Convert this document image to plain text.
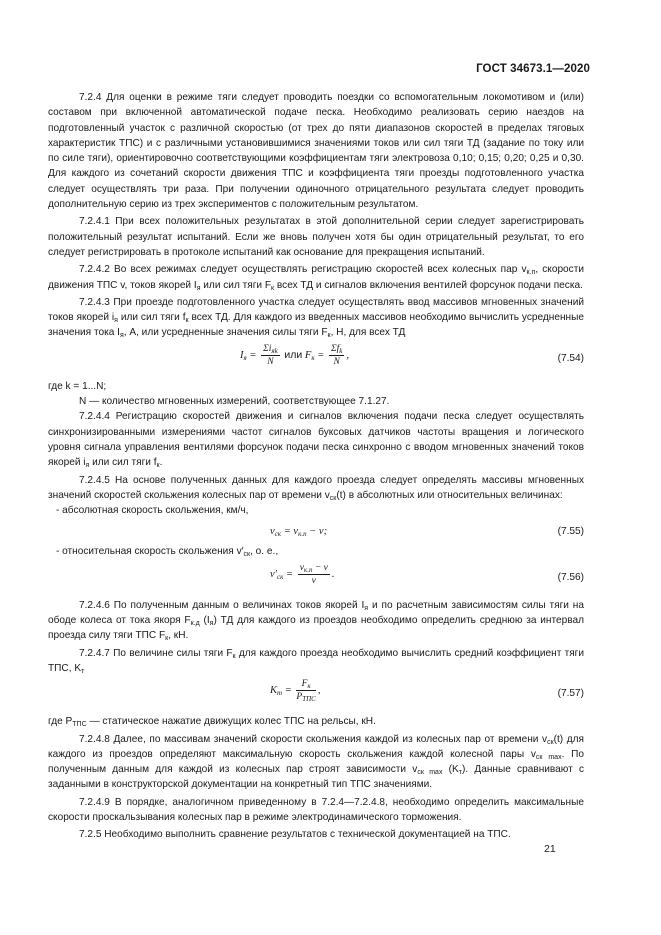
ГОСТ 34673.1—2020

7.2.4 Для оценки в режиме тяги следует проводить поездки со вспомогательным локомотивом и (или) составом при включенной автоматической подаче песка. Необходимо реализовать серию наездов на подготовленный участок с различной скоростью (от трех до пяти диапазонов скоростей в пределах тяговых характеристик ТПС) и с различными установившимися значениями токов или сил тяги ТД (задание по току или по силе тяги), ориентировочно соответствующими коэффициентам тяги электровоза 0,10; 0,15; 0,20; 0,25 и 0,30. Для каждого из сочетаний скорости движения ТПС и коэффициента тяги проезды подготовленного участка следует осуществлять три раза. При получении одиночного отрицательного результата следует проводить дополнительную серию из трех экспериментов с положительным результатом.

7.2.4.1 При всех положительных результатах в этой дополнительной серии следует зарегистрировать положительный результат испытаний. Если же вновь получен хотя бы один отрицательный результат, то его следует регистрировать в протоколе испытаний как основание для прекращения испытаний.

7.2.4.2 Во всех режимах следует осуществлять регистрацию скоростей всех колесных пар $v_{к.п}$, скорости движения ТПС v, токов якорей $I_я$ или сил тяги $F_к$ всех ТД и сигналов включения вентилей форсунок подачи песка.

7.2.4.3 При проезде подготовленного участка следует осуществлять ввод массивов мгновенных значений токов якорей $i_я$ или сил тяги $f_к$ всех ТД. Для каждого из введенных массивов необходимо вычислить усредненные значения тока $I_я$, А, или усредненные значения силы тяги $F_к$, Н, для всех ТД

$I_я = \frac{\Sigma i_{яk}}{N}$ или $F_к = \frac{\Sigma f_k}{N}$ ,	(7.54)

где k = 1...N;

N — количество мгновенных измерений, соответствующее 7.1.27.

7.2.4.4 Регистрацию скоростей движения и сигналов включения подачи песка следует осуществлять синхронизированными измерениями частот сигналов буксовых датчиков частоты вращения и логического уровня сигнала управления вентилями форсунок подачи песка синхронно с вводом мгновенных значений токов якорей $i_я$ или сил тяги $f_к$.

7.2.4.5 На основе полученных данных для каждого проезда следует определять массивы мгновенных значений скоростей скольжения колесных пар от времени $v_{ск}(t)$ в абсолютных или относительных величинах:

- абсолютная скорость скольжения, км/ч,

$v_{ск} = v_{к.п} - v$;	(7.55)

- относительная скорость скольжения $v'_{ск}$, о. е.,

$v'_{ск} = \frac{v_{к.п} - v}{v}$ .	(7.56)

7.2.4.6 По полученным данным о величинах токов якорей $I_я$ и по расчетным зависимостям силы тяги на ободе колеса от тока якоря $F_{к.д}$ $(I_я)$ ТД для каждого из проездов необходимо определить среднюю за интервал проезда силу тяги ТПС $F_к$, кН.

7.2.4.7 По величине силы тяги $F_к$ для каждого проезда необходимо вычислить средний коэффициент тяги ТПС, $K_т$

$K_т = \frac{F_к}{P_{ТПС}}$ ,	(7.57)

где $P_{ТПС}$ — статическое нажатие движущих колес ТПС на рельсы, кН.

7.2.4.8 Далее, по массивам значений скорости скольжения каждой из колесных пар от времени $v_{ск}(t)$ для каждого из проездов определяют максимальную скорость скольжения каждой колесной пары $v_{ск max}$. По полученным данным для каждой из колесных пар строят зависимости $v_{ск max}$ $(K_т)$. Данные сравнивают с заданными в конструкторской документации на конкретный тип ТПС значениями.

7.2.4.9 В порядке, аналогичном приведенному в 7.2.4—7.2.4.8, необходимо определить максимальные скорости проскальзывания колесных пар в режиме электродинамического торможения.

7.2.5 Необходимо выполнить сравнение результатов с технической документацией на ТПС.

21
